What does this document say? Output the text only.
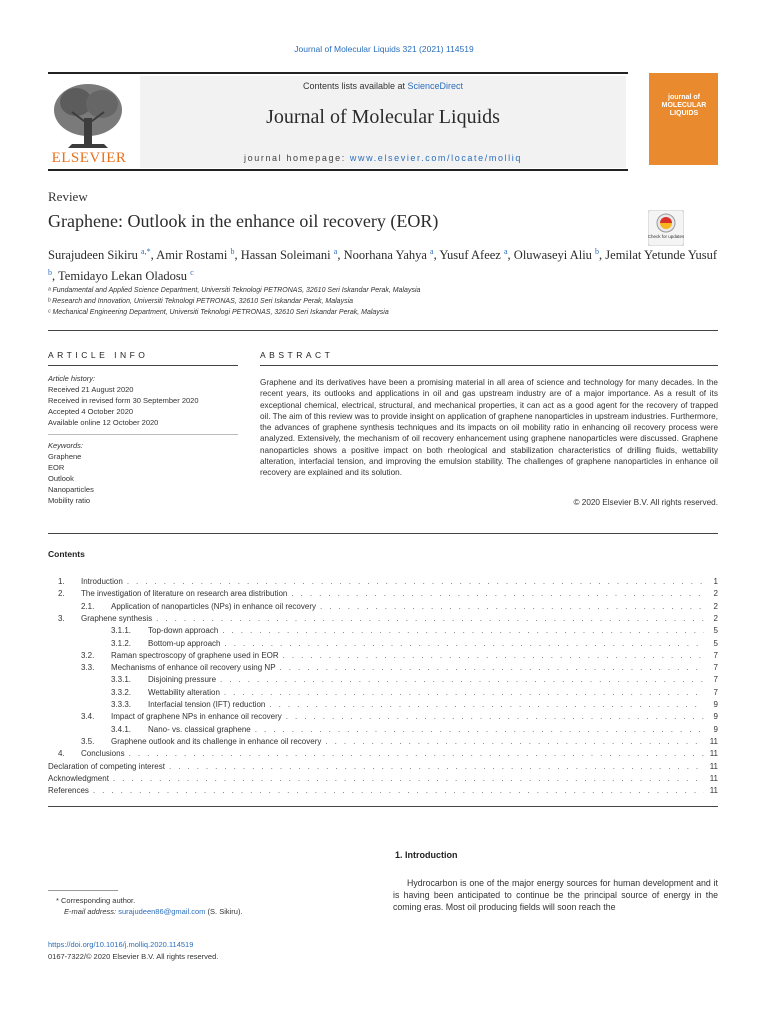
Journal of Molecular Liquids 321 (2021) 114519
ELSEVIER
Contents lists available at ScienceDirect
Journal of Molecular Liquids
journal homepage: www.elsevier.com/locate/molliq
journal of MOLECULAR LIQUIDS
Review
Graphene: Outlook in the enhance oil recovery (EOR)
Check for updates
Surajudeen Sikiru $^{a,*}$, Amir Rostami $^b$, Hassan Soleimani $^a$, Noorhana Yahya $^a$, Yusuf Afeez $^a$, Oluwaseyi Aliu $^b$, Jemilat Yetunde Yusuf $^b$, Temidayo Lekan Oladosu $^c$
ᵃ Fundamental and Applied Science Department, Universiti Teknologi PETRONAS, 32610 Seri Iskandar Perak, Malaysia
ᵇ Research and Innovation, Universiti Teknologi PETRONAS, 32610 Seri Iskandar Perak, Malaysia
ᶜ Mechanical Engineering Department, Universiti Teknologi PETRONAS, 32610 Seri Iskandar Perak, Malaysia
ARTICLE INFO	ABSTRACT
Article history:
Received 21 August 2020
Received in revised form 30 September 2020
Accepted 4 October 2020
Available online 12 October 2020
Keywords:
Graphene
EOR
Outlook
Nanoparticles
Mobility ratio
Graphene and its derivatives have been a promising material in all area of science and technology for many decades. In the recent years, its outlooks and applications in oil and gas upstream industry are of a major importance. As a result of its exceptional chemical, electrical, structural, and mechanical properties, it can act as a good agent for the recovery of trapped oil. The aim of this review was to provide insight on application of graphene nanoparticles in upstream industries. Furthermore, the advances of graphene synthesis techniques and its impacts on oil mobility ratio in enhancing oil recovery process were analyzed. Extensively, the mechanism of oil recovery enhancement using graphene nanoparticles were discussed. Graphene nanoparticles shows a positive impact on both rheological and stabilization characteristics of drilling fluids, wettability alteration, interfacial tension, and improving the emulsion stability. The challenges of graphene nanoparticles in enhance oil recovery are explained and its solution.
© 2020 Elsevier B.V. All rights reserved.
Contents
1.	Introduction . . .	1
2.	The investigation of literature on research area distribution . . .	2
2.1.	Application of nanoparticles (NPs) in enhance oil recovery . . .	2
3.	Graphene synthesis . . .	2
3.1.1.	Top-down approach . . .	5
3.1.2.	Bottom-up approach . . .	5
3.2.	Raman spectroscopy of graphene used in EOR . . .	7
3.3.	Mechanisms of enhance oil recovery using NP . . .	7
3.3.1.	Disjoining pressure . . .	7
3.3.2.	Wettability alteration . . .	7
3.3.3.	Interfacial tension (IFT) reduction . . .	9
3.4.	Impact of graphene NPs in enhance oil recovery . . .	9
3.4.1.	Nano- vs. classical graphene . . .	9
3.5.	Graphene outlook and its challenge in enhance oil recovery . . .	11
4.	Conclusions . . .	11
Declaration of competing interest . . .	11
Acknowledgment . . .	11
References . . .	11
1. Introduction
Hydrocarbon is one of the major energy sources for human development and it is having been anticipated to continue be the principal source of energy in the coming eras. Most oil producing fields will soon reach the
* Corresponding author.
E-mail address: surajudeen86@gmail.com (S. Sikiru).
https://doi.org/10.1016/j.molliq.2020.114519
0167-7322/© 2020 Elsevier B.V. All rights reserved.
